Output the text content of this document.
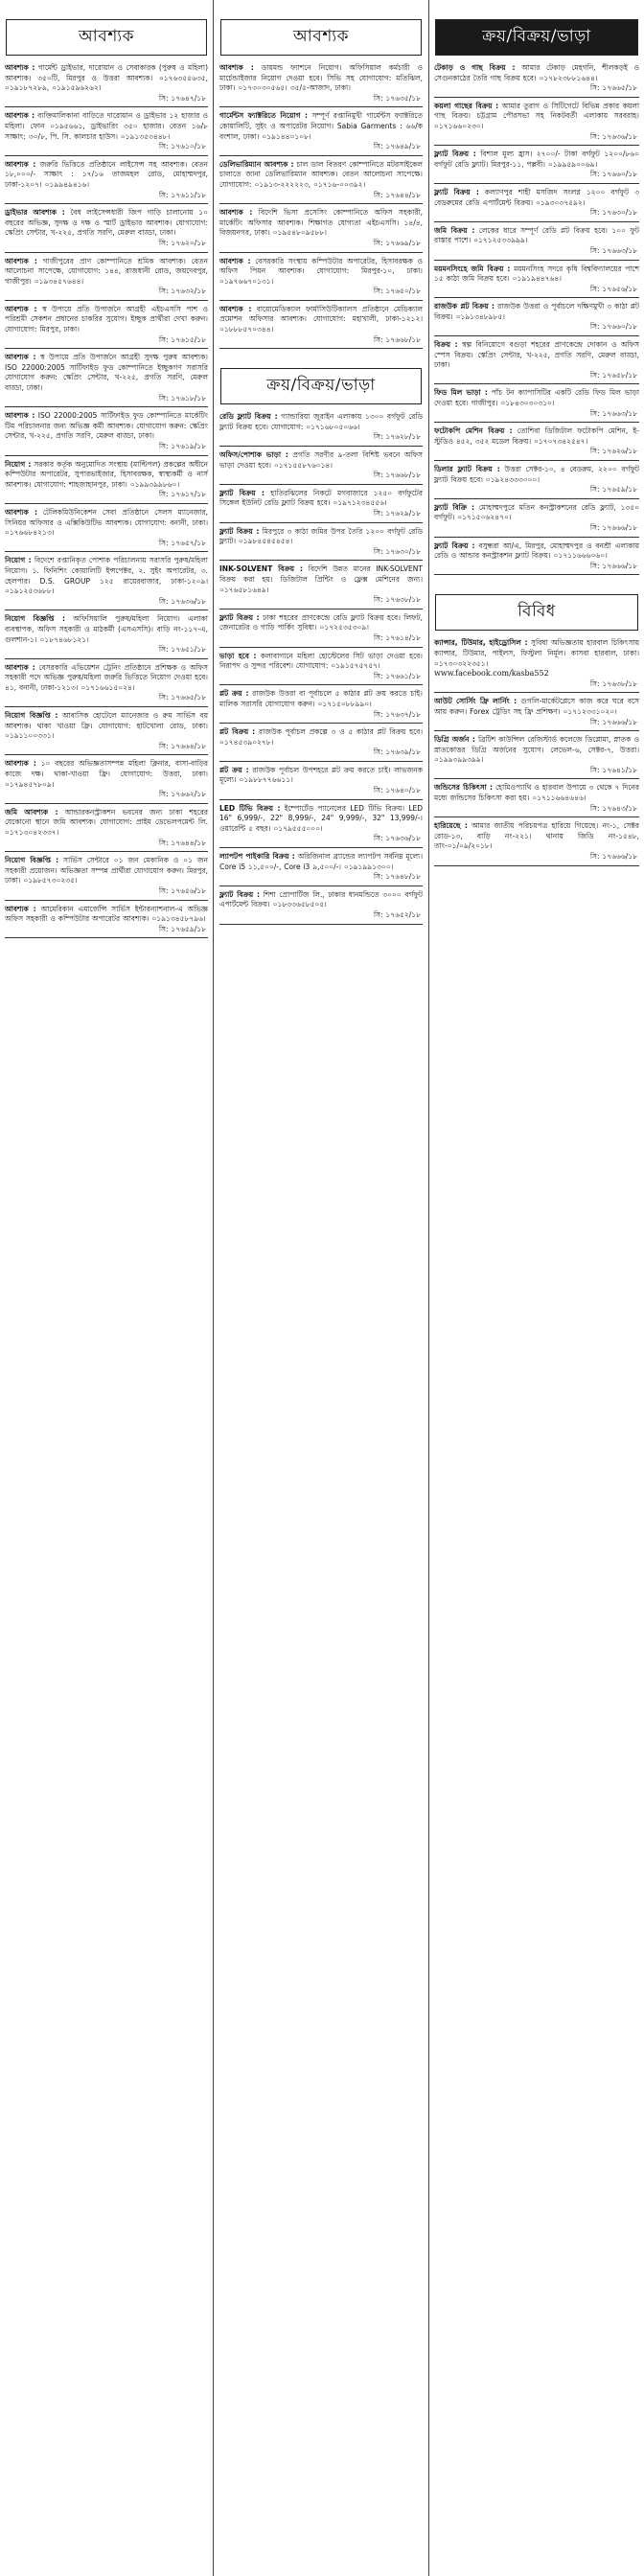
আবশ্যক
আবশ্যক : গার্মেন্ট ড্রাইভার, দারোয়ান ও সেবাকারক (পুরুষ ও মহিলা) আবশ্যক। ৩৫০টি, মিরপুর ও উত্তরা আবশ্যক। ০১৭৬৩৫৫৬৩৫, ০১৯১৮৭২৮৯, ০১৯১৫৯৬২৬২।
সি: ১৭৬৪৭/১৮
আবশ্যক : ব্যক্তিমালিকানা বাড়িতে দারোয়ান ও ড্রাইভার ১২ হাজার ও মহিলা। ফোন ০১৯৫৬৬১, ড্রাইভারিং ৩৫০ হাজার। বেতন ১৬/৮ সাক্ষাৎ: ৩০/৮, পি. সি. কালচার হাউস। ০১৯১৩৫৩৪৪৮।
সি: ১৭৬১০/১৮
আবশ্যক : জরুরি ভিত্তিতে প্রতিষ্ঠানে লাইসেন্স সহ আবশ্যক। বেতন ১৮,০০০/- সাক্ষাৎ : ১৭/১৬ তাজমহল রোড, মোহাম্মদপুর, ঢাকা-১২০৭। ০১৯৯৪৯৪১৬।
সি: ১৭৬১১/১৮
ড্রাইভার আবশ্যক : বৈধ লাইসেন্সধারী জিপ গাড়ি চালানোয় ১০ বছরের অভিজ্ঞ, সুদক্ষ ও দক্ষ ও স্মার্ট ড্রাইভার আবশ্যক। যোগাযোগ: স্কেপ্রিং সেন্টার, খ-২২৫, প্রগতি সরণি, মেরুল বাড্ডা, ঢাকা।
সি: ১৭৬২০/১৮
আবশ্যক : গাজীপুরের প্রাণ কোম্পানিতে শ্রমিক আবশ্যক। বেতন আলোচনা সাপেক্ষে, যোগাযোগ: ১৪৪, রাজধানী রোড, জয়দেবপুর, গাজীপুর। ০১৯৩৪৫৭৬৪৪।
সি: ১৭৬৩২/১৮
আবশ্যক : স্ব উপায়ে প্রতি উপার্জনে আগ্রহী এইচএসসি পাশ ও পরিশ্রমী সেকশন প্রধানের চাকরির সুযোগ। ইচ্ছুক প্রার্থীরা দেখা করুন। যোগাযোগ: মিরপুর, ঢাকা।
সি: ১৭৬১৫/১৮
আবশ্যক : স্ব উপায়ে প্রতি উপার্জনে আগ্রহী সুদক্ষ পুরুষ আবশ্যক। ISO 22000:2005 সার্টিফাইড ফুড কোম্পানিতে ইচ্ছুকগণ সরাসরি যোগাযোগ করুন: স্কেপ্রিং সেন্টার, খ-২২৫, প্রগতি সরণি, মেরুল বাড্ডা, ঢাকা।
সি: ১৭৬১৮/১৮
আবশ্যক : ISO 22000:2005 সার্টিফাইড ফুড কোম্পানিতে মার্কেটিং টিম পরিচালনার জন্য অভিজ্ঞ কর্মী আবশ্যক। যোগাযোগ করুন: স্কেপ্রিং সেন্টার, খ-২২৫, প্রগতি সরণি, মেরুল বাড্ডা, ঢাকা।
সি: ১৭৬১৯/১৮
নিয়োগ : সরকার কর্তৃক অনুমোদিত সংস্থায় (মাল্টিপল) প্রকল্পের অধীনে কম্পিউটার অপারেটর, সুপারভাইজার, হিসাবরক্ষক, স্বাস্থ্যকর্মী ও নার্স আবশ্যক। যোগাযোগ: শাহজাহানপুর, ঢাকা। ০১৯৯৩৯৯৮৬০।
সি: ১৭৬১৭/১৮
আবশ্যক : টেলিকমিউনিকেশন সেবা প্রতিষ্ঠানে সেলস ম্যানেজার, সিনিয়র অফিসার ও এক্সিকিউটিভ আবশ্যক। যোগাযোগ: বনানী, ঢাকা। ০১৭৬৬৮৪২১৩।
সি: ১৭৬৫৭/১৮
নিয়োগ : বিদেশে রপ্তানিকৃত পোশাক পরিচালনায় সরাসরি পুরুষ/মহিলা নিয়োগ। ১. ফিনিশিং কোয়ালিটি ইন্সপেক্টর, ২. সুইং অপারেটর, ৩. হেলপার। D.S. GROUP ১২৫ রায়েরবাজার, ঢাকা-১২০৯। ০১৯১২৫৩৬৮৮।
সি: ১৭৬৩৬/১৮
নিয়োগ বিজ্ঞপ্তি : অফিসিয়ালি পুরুষ/মহিলা নিয়োগ। এলাকা ব্যবস্থাপক, অফিস সহকারী ও মাঠকর্মী (এসএসসি)। বাড়ি নং-১১৭-এ, গুলশান-১। ০১৮৭৪৬৮১২১।
সি: ১৭৬৫১/১৮
আবশ্যক : বেসরকারি এভিয়েশন ট্রেনিং প্রতিষ্ঠানে প্রশিক্ষক ও অফিস সহকারী পদে অভিজ্ঞ পুরুষ/মহিলা জরুরি ভিত্তিতে নিয়োগ দেওয়া হবে। ৪১, বনানী, ঢাকা-১২১৩। ০১৭১৬৬১৫০২৪।
সি: ১৭৬৬৫/১৮
নিয়োগ বিজ্ঞপ্তি : আবাসিক হোটেলে ম্যানেজার ও রুম সার্ভিস বয় আবশ্যক। থাকা খাওয়া ফ্রি। যোগাযোগ: হাটখোলা রোড, ঢাকা। ০১৯১১০০৩৩১।
সি: ১৭৬৬৪/১৮
আবশ্যক : ১০ বছরের অভিজ্ঞতাসম্পন্ন মহিলা ক্লিনার, বাসা-বাড়ির কাজে দক্ষ। থাকা-খাওয়া ফ্রি। যোগাযোগ: উত্তরা, ঢাকা। ০১৭৯৪৫৭৮০৯।
সি: ১৭৬৬২/১৮
জমি আবশ্যক : আন্ডারকনস্ট্রাকশন ভবনের জন্য ঢাকা শহরের যেকোনো স্থানে জমি আবশ্যক। যোগাযোগ: প্রাইম ডেভেলপমেন্ট লি. ০১৭১৩০৪২৩৩৭।
সি: ১৭৬৪৪/১৮
নিয়োগ বিজ্ঞপ্তি : সার্ভিস সেন্টারে ০১ জন মেকানিক ও ০১ জন সহকারী প্রয়োজন। অভিজ্ঞতা সম্পন্ন প্রার্থীরা যোগাযোগ করুন। মিরপুর, ঢাকা। ০১৯৮৫৭৩০২৩৫।
সি: ১৭৬৫৬/১৮
আবশ্যক : আমেরিকান এমার্জেন্সি সার্ভিস ইন্টারন্যাশনাল-এ অভিজ্ঞ অফিস সহকারী ও কম্পিউটার অপারেটর আবশ্যক। ০১৯১৩৪৫৮৭৯৬।
সি: ১৭৬৫৯/১৮
আবশ্যক
আবশ্যক : ডায়মন্ড ফ্যাশনে নিয়োগ। অফিসিয়াল কর্মচারী ও মার্চেন্ডাইজার নিয়োগ দেওয়া হবে। সিভি সহ যোগাযোগ: মতিঝিল, ঢাকা। ০১৭৩০৩০৫৬৫। ৩৫/৫-আজাদ, ঢাকা।
সি: ১৭৬৩৫/১৮
গার্মেন্টস ফ্যাক্টরিতে নিয়োগ : সম্পূর্ণ রপ্তানিমুখী গার্মেন্টস ফ্যাক্টরিতে কোয়ালিটি, সুইং ও অপারেটর নিয়োগ। Sabia Garments : ৬৬/ক বংশাল, ঢাকা। ০১৯১৪৪০১০৮।
সি: ১৭৬৪৯/১৮
ডেলিভারিম্যান আবশ্যক : চাল ডাল বিতরণ কোম্পানিতে মটরসাইকেল চালাতে জানা ডেলিভারিম্যান আবশ্যক। বেতন আলোচনা সাপেক্ষে। যোগাযোগ: ০১৯১৩-২২২২২৩, ০১৭১৬-০০৩৯২।
সি: ১৭৬৪৪/১৮
আবশ্যক : বিদেশি ভিসা প্রসেসিং কোম্পানিতে অফিস সহকারী, মার্কেটিং অফিসার আবশ্যক। শিক্ষাগত যোগ্যতা এইচএসসি। ১৪/৪, বিজয়নগর, ঢাকা। ০১৯৫৪৮০৯৫৮৮।
সি: ১৭৬৬৯/১৮
আবশ্যক : বেসরকারি সংস্থায় কম্পিউটার অপারেটর, হিসাবরক্ষক ও অফিস পিয়ন আবশ্যক। যোগাযোগ: মিরপুর-১০, ঢাকা। ০১৯৭৬৬৭০১৩১।
সি: ১৭৬৫০/১৮
আবশ্যক : বায়োমেডিক্যাল ফার্মাসিউটিক্যালস প্রতিষ্ঠানে মেডিক্যাল প্রমোশন অফিসার আবশ্যক। যোগাযোগ: মহাখালী, ঢাকা-১২১২। ০১৮৮৮৫৭০৩৪৪।
সি: ১৭৬৬৮/১৮
ক্রয়/বিক্রয়/ভাড়া
রেডি ফ্ল্যাট বিক্রয় : গ্যান্ডারিয়া জুরাইন এলাকায় ১৩০০ বর্গফুট রেডি ফ্ল্যাট বিক্রয় হবে। যোগাযোগ: ০১৭১৬৮০৫০৬৬।
সি: ১৭৬২৮/১৮
অফিস/পোশাক ভাড়া : প্রগতি সরণীর ৯-তলা বিশিষ্ট ভবনে অফিস ভাড়া দেওয়া হবে। ০১৭১৫৫৮৭৬০১৪।
সি: ১৭৬৬৮/১৮
ফ্ল্যাট বিক্রয় : হাতিরঝিলের নিকটে মগবাজারে ১২৫০ বর্গফুটের সিঙ্গেল ইউনিট রেডি ফ্ল্যাট বিক্রয় হবে। ০১৯৭১২৩৪৫৫৬।
সি: ১৭৬২৯/১৮
ফ্ল্যাট বিক্রয় : মিরপুরে ৩ কাঠা জমির উপর তৈরি ১২০০ বর্গফুট রেডি ফ্ল্যাট। ০১৯৮৪৫৪৫৪৫৪।
সি: ১৭৬৩০/১৮
INK-SOLVENT বিক্রয় : বিদেশি উন্নত মানের INK-SOLVENT বিক্রয় করা হয়। ডিজিটাল প্রিন্টিং ও ফ্লেক্স মেশিনের জন্য। ০১৭৬৫৮১৬৪৯।
সি: ১৭৬৩৮/১৮
ফ্ল্যাট বিক্রয় : ঢাকা শহরের প্রাণকেন্দ্রে রেডি ফ্ল্যাট বিক্রয় হবে। লিফট, জেনারেটর ও গাড়ি পার্কিং সুবিধা। ০১৭২৫৩৫৩০৯।
সি: ১৭৬১৪/১৮
ভাড়া হবে : কলাবাগানে মহিলা হোস্টেলের সিট ভাড়া দেওয়া হবে। নিরাপদ ও সুন্দর পরিবেশ। যোগাযোগ: ০১৯১৫৭৫৭৫৭।
সি: ১৭৬৬১/১৮
প্লট ক্রয় : রাজউক উত্তরা বা পূর্বাচলে ৫ কাঠার প্লট ক্রয় করতে চাই। মালিক সরাসরি যোগাযোগ করুন। ০১৭১৫০৮৮৯৯০।
সি: ১৭৬৩৭/১৮
প্লট বিক্রয় : রাজউক পূর্বাচল প্রকল্পে ৩ ও ৫ কাঠার প্লট বিক্রয় হবে। ০১৭৪৫৩৯০২৭৮।
সি: ১৭৬৩৯/১৮
প্লট ক্রয় : রাজউক পূর্বাচল উপশহরে প্লট ক্রয় করতে চাই। লাভজনক মূল্যে। ০১৯৮৮৭৭৬৬১১।
সি: ১৭৬৪০/১৮
LED টিভি বিক্রয় : ইম্পোর্টেড প্যানেলের LED টিভি বিক্রয়। LED 16" 6,999/-, 22" 8,999/-, 24" 9,999/-, 32" 13,999/-। ওয়ারেন্টি ৫ বছর। ০১৭৯৫৫৫০০০।
সি: ১৭৬৩৬/১৮
ল্যাপটপ পাইকারি বিক্রয় : অরিজিনাল ব্র্যান্ডের ল্যাপটপ সর্বনিম্ন মূল্যে। Core i5 ১১,৫০০/-, Core i3 ৯,৫০০/-। ০১৯১৯৯১৩০০।
সি: ১৭৬৪৮/১৮
ফ্ল্যাট বিক্রয় : শিশা প্রোপার্টিজ লি., ঢাকার ধানমন্ডিতে ৩০০০ বর্গফুট এপার্টমেন্ট বিক্রয়। ০১৮৩৩৬৫৮৫০৫।
সি: ১৭৬৫২/১৮
ক্রয়/বিক্রয়/ভাড়া
টেকাড় ও গাছ বিক্রয় : আমার টেকাড় মেহগনি, শীলকড়ই ও সেগুনকাঠের তৈরি গাছ বিক্রয় হবে। ০১৭৮২৩৮৮১৬৪৪।
সি: ১৭৬৬৫/১৮
কয়লা গাছের বিক্রয় : আমার তুরাগ ও সিটিগেটে বিভিন্ন প্রকার কয়লা গাছ বিক্রয়। চট্টগ্রাম পৌরসভা সহ নিকটবর্তী এলাকায় সরবরাহ। ০১৭১৬৬০২৩০।
সি: ১৭৬৩৬/১৮
ফ্ল্যাট বিক্রয় : বিশাল মূল্য হ্রাস। ২৭০০/- টাকা বর্গফুট ১২০০/৮৬০ বর্গফুট রেডি ফ্ল্যাট। মিরপুর-১১, পল্লবী। ০১৯৯৫৯০০৬৯।
সি: ১৭৬৬০/১৮
ফ্ল্যাট বিক্রয় : কল্যাণপুর শাহী মসজিদ সংলগ্ন ১২০০ বর্গফুট ৩ বেডরুমের রেডি এপার্টমেন্ট বিক্রয়। ০১৯৩০৩৭৫৯২।
সি: ১৭৬৩০/১৮
জমি বিক্রয় : লেকের ধারে সম্পূর্ণ রেডি প্লট বিক্রয় হবে। ১০০ ফুট রাস্তার পাশে। ০১৭১২৫৩৩৯৯৯।
সি: ১৭৬৬৩/১৮
ময়মনসিংহে জমি বিক্রয় : ময়মনসিংহ সদরে কৃষি বিশ্ববিদ্যালয়ের পাশে ১৫ কাঠা জমি বিক্রয় হবে। ০১৯১৯৪৪৭৬৪।
সি: ১৭৬৫৬/১৮
রাজউক প্লট বিক্রয় : রাজউক উত্তরা ও পূর্বাচলে দক্ষিণমুখী ৩ কাঠা প্লট বিক্রয়। ০১৯১৩৪৮৯৮৫।
সি: ১৭৬৬০/১৮
বিক্রয় : স্বল্প বিনিয়োগে বগুড়া শহরের প্রাণকেন্দ্রে দোকান ও অফিস স্পেস বিক্রয়। স্কেপ্রিং সেন্টার, খ-২২৫, প্রগতি সরণি, মেরুল বাড্ডা, ঢাকা।
সি: ১৭৬৫৮/১৮
ফিড মিল ভাড়া : পাঁচ টন ক্যাপাসিটির একটি রেডি ফিড মিল ভাড়া দেওয়া হবে। গাজীপুর। ০১৮৪৩০৩০৩১০।
সি: ১৭৬৬৩/১৮
ফটোকপি মেশিন বিক্রয় : তোশিবা ডিজিটাল ফটোকপি মেশিন, ই-স্টুডিও ৪৫২, ৩৫২ মডেল বিক্রয়। ০১৭০৭৩৪২৫৪৭।
সি: ১৭৬২৬/১৮
ডিলার ফ্ল্যাট বিক্রয় : উত্তরা সেক্টর-১০, ৪ বেডরুম, ২২০০ বর্গফুট ফ্ল্যাট বিক্রয় হবে। ০১৯২৪৩৩৩০০০।
সি: ১৭৬৫৯/১৮
ফ্ল্যাট বিক্রি : মোহাম্মদপুরে মতিন কনস্ট্রাকশনের রেডি ফ্ল্যাট, ১৩৫০ বর্গফুট। ০১৭১৫০৬২৪৭০।
সি: ১৭৬৬৬/১৮
ফ্ল্যাট বিক্রয় : বসুন্ধরা আ/এ, মিরপুর, মোহাম্মদপুর ও বনশ্রী এলাকায় রেডি ও আন্ডার কনস্ট্রাকশন ফ্ল্যাট বিক্রয়। ০১৭১১৬৬৬০৬০।
সি: ১৭৬৬৬/১৮
বিবিধ
ক্যান্সার, টিউমার, হাইড্রোসিল : সুবিধা অভিজ্ঞতায় হারবাল চিকিৎসায় ক্যান্সার, টিউমার, পাইলস, ফিস্টুলা নির্মূল। কাসবা হারবাল, ঢাকা। ০১৭৩০৩২২৩৫১।
www.facebook.com/kasba552
সি: ১৭৬৩৮/১৮
আউট সোর্সিং ফ্রি লার্নিং : গুগলি-মার্কেটপ্লেসে কাজ করে ঘরে বসে আয় করুন। Forex ট্রেডিং সহ ফ্রি প্রশিক্ষণ। ০১৭১২৩৩১০২০।
সি: ১৭৬৬৬/১৮
ডিগ্রি অর্জন : ব্রিটিশ কাউন্সিল রেজিস্টার্ড কলেজে ডিপ্লোমা, স্নাতক ও স্নাতকোত্তর ডিগ্রি অর্জনের সুযোগ। লেভেল-৬, সেক্টর-৭, উত্তরা। ০১৯৯৩৯৯৩৯৯।
সি: ১৭৬৪১/১৮
জন্ডিসের চিকিৎসা : হোমিওপ্যাথি ও হারবাল উপায়ে ৩ থেকে ৭ দিনের মধ্যে জন্ডিসের চিকিৎসা করা হয়। ০১৭১১৬৬৪৬৪৬।
সি: ১৭৬৪৩/১৮
হারিয়েছে : আমার জাতীয় পরিচয়পত্র হারিয়ে গিয়েছে। নং-১, সেক্টর রোড-১৩, বাড়ি নং-২২১। থানায় জিডি নং-১৫৪৮, তাং-০১/০৯/২০১৮।
সি: ১৭৬৬৬/১৮
